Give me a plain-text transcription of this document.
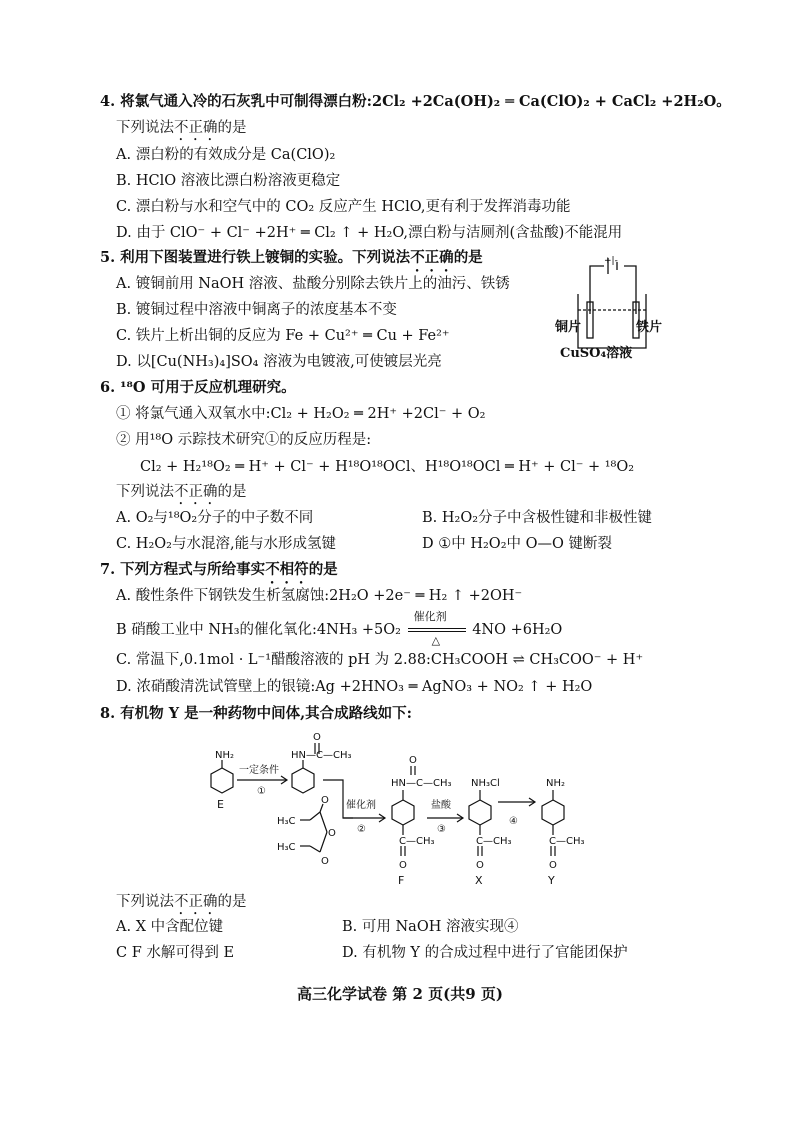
4. 将氯气通入冷的石灰乳中可制得漂白粉:2Cl₂ +2Ca(OH)₂ ═ Ca(ClO)₂ + CaCl₂ +2H₂O。
下列说法不正确的是
A. 漂白粉的有效成分是 Ca(ClO)₂
B. HClO 溶液比漂白粉溶液更稳定
C. 漂白粉与水和空气中的 CO₂ 反应产生 HClO,更有利于发挥消毒功能
D. 由于 ClO⁻ + Cl⁻ +2H⁺ ═ Cl₂ ↑ + H₂O,漂白粉与洁厕剂(含盐酸)不能混用
5. 利用下图装置进行铁上镀铜的实验。下列说法不正确的是
A. 镀铜前用 NaOH 溶液、盐酸分别除去铁片上的油污、铁锈
B. 镀铜过程中溶液中铜离子的浓度基本不变
C. 铁片上析出铜的反应为 Fe + Cu²⁺ ═ Cu + Fe²⁺
D. 以[Cu(NH₃)₄]SO₄ 溶液为电镀液,可使镀层光亮
+|-
铜片	铁片
CuSO₄溶液
6. ¹⁸O 可用于反应机理研究。
① 将氯气通入双氧水中:Cl₂ + H₂O₂ ═ 2H⁺ +2Cl⁻ + O₂
② 用¹⁸O 示踪技术研究①的反应历程是:
Cl₂ + H₂¹⁸O₂ ═ H⁺ + Cl⁻ + H¹⁸O¹⁸OCl、H¹⁸O¹⁸OCl ═ H⁺ + Cl⁻ + ¹⁸O₂
下列说法不正确的是
A. O₂与¹⁸O₂分子的中子数不同	B. H₂O₂分子中含极性键和非极性键
C. H₂O₂与水混溶,能与水形成氢键	D ①中 H₂O₂中 O—O 键断裂
7. 下列方程式与所给事实不相符的是
A. 酸性条件下钢铁发生析氢腐蚀:2H₂O +2e⁻ ═ H₂ ↑ +2OH⁻
B 硝酸工业中 NH₃的催化氧化:4NH₃ +5O₂
催化剂
△
4NO +6H₂O
C. 常温下,0.1mol · L⁻¹醋酸溶液的 pH 为 2.88:CH₃COOH ⇌ CH₃COO⁻ + H⁺
D. 浓硝酸清洗试管壁上的银镜:Ag +2HNO₃ ═ AgNO₃ + NO₂ ↑ + H₂O
8. 有机物 Y 是一种药物中间体,其合成路线如下:
NH₂
E
一定条件
①
O
HN—C—CH₃
O
H₃C
O
H₃C
O
催化剂
②
O
HN—C—CH₃
C—CH₃
O
F
盐酸
③
NH₃Cl
C—CH₃
O
X
④
NH₂
C—CH₃
O
Y
下列说法不正确的是
A. X 中含配位键	B. 可用 NaOH 溶液实现④
C F 水解可得到 E	D. 有机物 Y 的合成过程中进行了官能团保护
高三化学试卷 第 2 页(共9 页)
